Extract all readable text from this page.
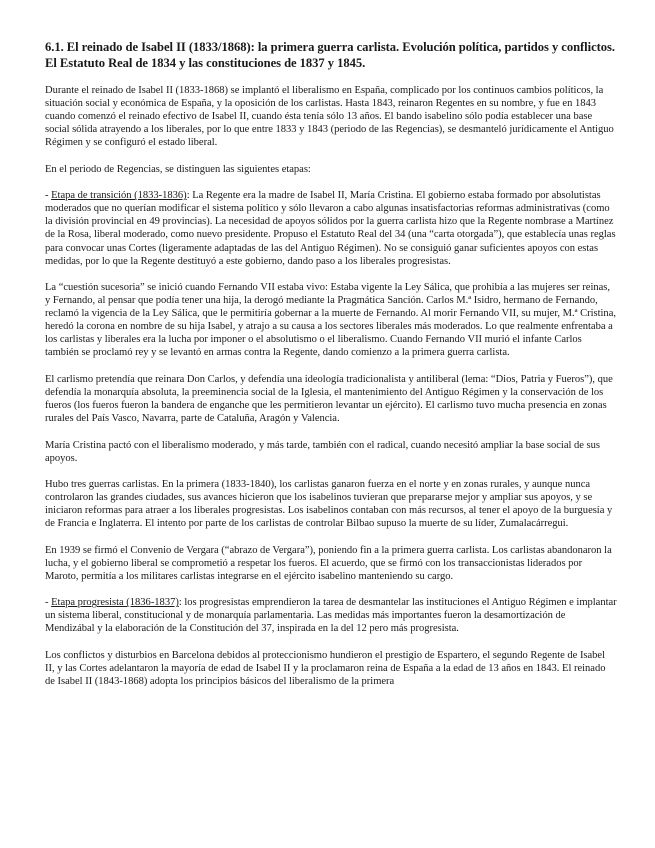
6.1. El reinado de Isabel II (1833/1868): la primera guerra carlista. Evolución política, partidos y conflictos. El Estatuto Real de 1834 y las constituciones de 1837 y 1845.

Durante el reinado de Isabel II (1833-1868) se implantó el liberalismo en España, complicado por los continuos cambios políticos, la situación social y económica de España, y la oposición de los carlistas. Hasta 1843, reinaron Regentes en su nombre, y fue en 1843 cuando comenzó el reinado efectivo de Isabel II, cuando ésta tenía sólo 13 años. El bando isabelino sólo podía establecer una base social sólida atrayendo a los liberales, por lo que entre 1833 y 1843 (periodo de las Regencias), se desmanteló jurídicamente el Antiguo Régimen y se configuró el estado liberal.

En el periodo de Regencias, se distinguen las siguientes etapas:

- Etapa de transición (1833-1836): La Regente era la madre de Isabel II, María Cristina. El gobierno estaba formado por absolutistas moderados que no querían modificar el sistema político y sólo llevaron a cabo algunas insatisfactorias reformas administrativas (como la división provincial en 49 provincias). La necesidad de apoyos sólidos por la guerra carlista hizo que la Regente nombrase a Martínez de la Rosa, liberal moderado, como nuevo presidente. Propuso el Estatuto Real del 34 (una “carta otorgada”), que establecía unas reglas para convocar unas Cortes (ligeramente adaptadas de las del Antiguo Régimen). No se consiguió ganar suficientes apoyos con estas medidas, por lo que la Regente destituyó a este gobierno, dando paso a los liberales progresistas.

La “cuestión sucesoria” se inició cuando Fernando VII estaba vivo: Estaba vigente la Ley Sálica, que prohibía a las mujeres ser reinas, y Fernando, al pensar que podía tener una hija, la derogó mediante la Pragmática Sanción. Carlos M.ª Isidro, hermano de Fernando, reclamó la vigencia de la Ley Sálica, que le permitiría gobernar a la muerte de Fernando. Al morir Fernando VII, su mujer, M.ª Cristina, heredó la corona en nombre de su hija Isabel, y atrajo a su causa a los sectores liberales más moderados. Lo que realmente enfrentaba a los carlistas y liberales era la lucha por imponer o el absolutismo o el liberalismo. Cuando Fernando VII murió el infante Carlos también se proclamó rey y se levantó en armas contra la Regente, dando comienzo a la primera guerra carlista.

El carlismo pretendía que reinara Don Carlos, y defendía una ideología tradicionalista y antiliberal (lema: “Dios, Patria y Fueros”), que defendía la monarquía absoluta, la preeminencia social de la Iglesia, el mantenimiento del Antiguo Régimen y la conservación de los fueros (los fueros fueron la bandera de enganche que les permitieron levantar un ejército). El carlismo tuvo mucha presencia en zonas rurales del País Vasco, Navarra, parte de Cataluña, Aragón y Valencia.

María Cristina pactó con el liberalismo moderado, y más tarde, también con el radical, cuando necesitó ampliar la base social de sus apoyos.

Hubo tres guerras carlistas. En la primera (1833-1840), los carlistas ganaron fuerza en el norte y en zonas rurales, y aunque nunca controlaron las grandes ciudades, sus avances hicieron que los isabelinos tuvieran que prepararse mejor y ampliar sus apoyos, y se iniciaron reformas para atraer a los liberales progresistas. Los isabelinos contaban con más recursos, al tener el apoyo de la burguesía y de Francia e Inglaterra. El intento por parte de los carlistas de controlar Bilbao supuso la muerte de su líder, Zumalacárregui.

En 1939 se firmó el Convenio de Vergara (“abrazo de Vergara”), poniendo fin a la primera guerra carlista. Los carlistas abandonaron la lucha, y el gobierno liberal se comprometió a respetar los fueros. El acuerdo, que se firmó con los transaccionistas liderados por Maroto, permitía a los militares carlistas integrarse en el ejército isabelino manteniendo su cargo.

- Etapa progresista (1836-1837): los progresistas emprendieron la tarea de desmantelar las instituciones el Antiguo Régimen e implantar un sistema liberal, constitucional y de monarquía parlamentaria. Las medidas más importantes fueron la desamortización de Mendizábal y la elaboración de la Constitución del 37, inspirada en la del 12 pero más progresista.

Los conflictos y disturbios en Barcelona debidos al proteccionismo hundieron el prestigio de Espartero, el segundo Regente de Isabel II, y las Cortes adelantaron la mayoría de edad de Isabel II y la proclamaron reina de España a la edad de 13 años en 1843. El reinado de Isabel II (1843-1868) adopta los principios básicos del liberalismo de la primera
